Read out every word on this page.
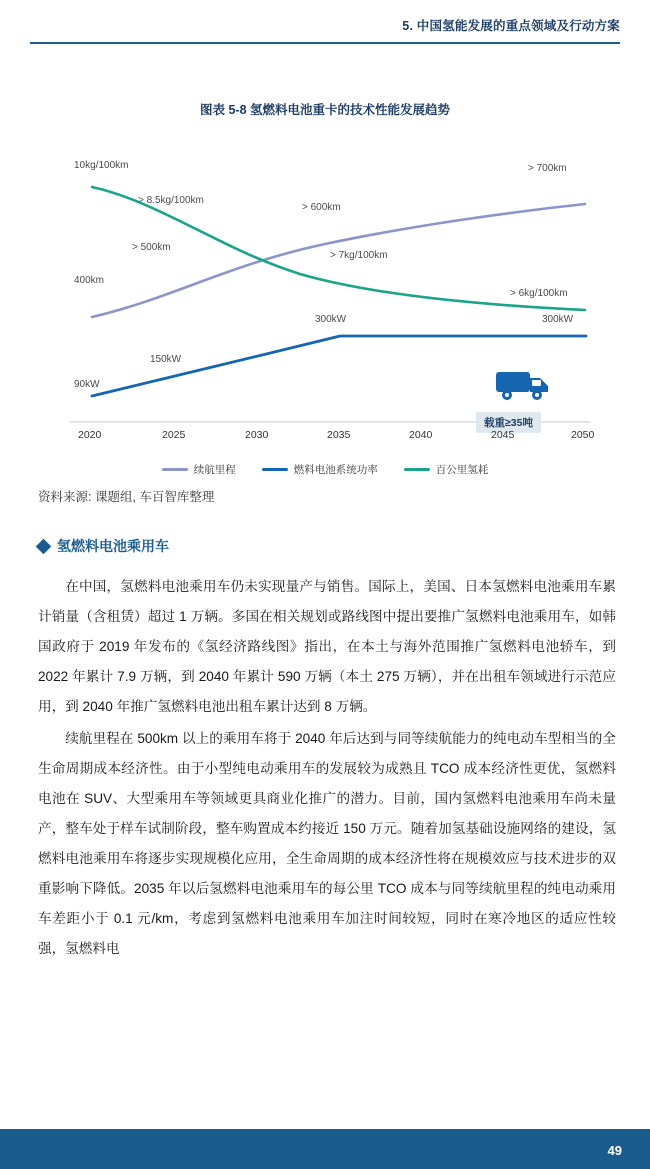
5. 中国氢能发展的重点领域及行动方案
图表 5-8 氢燃料电池重卡的技术性能发展趋势
10kg/100km
> 8.5kg/100km
> 7kg/100km
> 6kg/100km
400km
> 500km
> 600km
> 700km
90kW
150kW
300kW	300kW
载重≥35吨
2020	2025	2030	2035	2040	2045	2050
续航里程	燃料电池系统功率	百公里氢耗
资料来源: 课题组, 车百智库整理
氢燃料电池乘用车

在中国，氢燃料电池乘用车仍未实现量产与销售。国际上，美国、日本氢燃料电池乘用车累计销量（含租赁）超过 1 万辆。多国在相关规划或路线图中提出要推广氢燃料电池乘用车，如韩国政府于 2019 年发布的《氢经济路线图》指出，在本土与海外范围推广氢燃料电池轿车，到 2022 年累计 7.9 万辆，到 2040 年累计 590 万辆（本土 275 万辆），并在出租车领域进行示范应用，到 2040 年推广氢燃料电池出租车累计达到 8 万辆。

续航里程在 500km 以上的乘用车将于 2040 年后达到与同等续航能力的纯电动车型相当的全生命周期成本经济性。由于小型纯电动乘用车的发展较为成熟且 TCO 成本经济性更优，氢燃料电池在 SUV、大型乘用车等领域更具商业化推广的潜力。目前，国内氢燃料电池乘用车尚未量产，整车处于样车试制阶段，整车购置成本约接近 150 万元。随着加氢基础设施网络的建设，氢燃料电池乘用车将逐步实现规模化应用，全生命周期的成本经济性将在规模效应与技术进步的双重影响下降低。2035 年以后氢燃料电池乘用车的每公里 TCO 成本与同等续航里程的纯电动乘用车差距小于 0.1 元/km，考虑到氢燃料电池乘用车加注时间较短，同时在寒冷地区的适应性较强，氢燃料电

49
